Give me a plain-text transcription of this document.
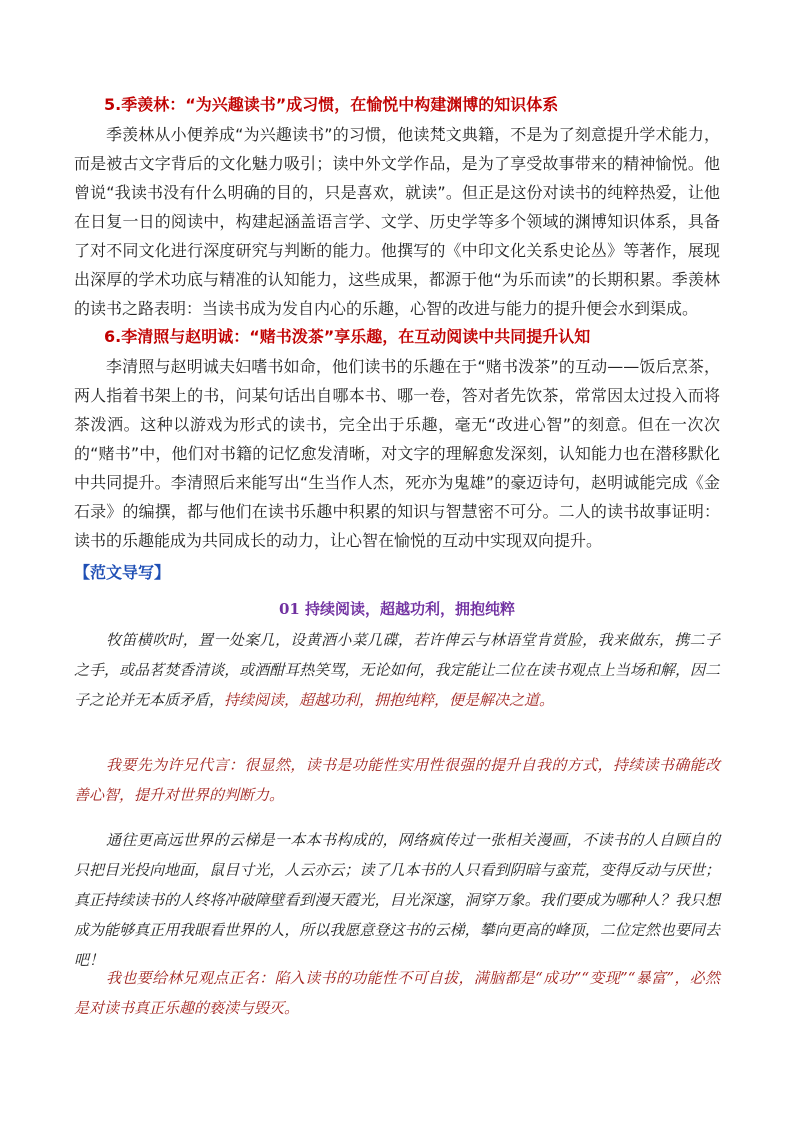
5.季羡林：“为兴趣读书”成习惯，在愉悦中构建渊博的知识体系

季羡林从小便养成“为兴趣读书”的习惯，他读梵文典籍，不是为了刻意提升学术能力，而是被古文字背后的文化魅力吸引；读中外文学作品，是为了享受故事带来的精神愉悦。他曾说“我读书没有什么明确的目的，只是喜欢，就读”。但正是这份对读书的纯粹热爱，让他在日复一日的阅读中，构建起涵盖语言学、文学、历史学等多个领域的渊博知识体系，具备了对不同文化进行深度研究与判断的能力。他撰写的《中印文化关系史论丛》等著作，展现出深厚的学术功底与精准的认知能力，这些成果，都源于他“为乐而读”的长期积累。季羡林的读书之路表明：当读书成为发自内心的乐趣，心智的改进与能力的提升便会水到渠成。

6.李清照与赵明诚：“赌书泼茶”享乐趣，在互动阅读中共同提升认知

李清照与赵明诚夫妇嗜书如命，他们读书的乐趣在于“赌书泼茶”的互动——饭后烹茶，两人指着书架上的书，问某句话出自哪本书、哪一卷，答对者先饮茶，常常因太过投入而将茶泼洒。这种以游戏为形式的读书，完全出于乐趣，毫无“改进心智”的刻意。但在一次次的“赌书”中，他们对书籍的记忆愈发清晰，对文字的理解愈发深刻，认知能力也在潜移默化中共同提升。李清照后来能写出“生当作人杰，死亦为鬼雄”的豪迈诗句，赵明诚能完成《金石录》的编撰，都与他们在读书乐趣中积累的知识与智慧密不可分。二人的读书故事证明：读书的乐趣能成为共同成长的动力，让心智在愉悦的互动中实现双向提升。

【范文导写】

01 持续阅读，超越功利，拥抱纯粹

牧笛横吹时，置一处案几，设黄酒小菜几碟，若许俾云与林语堂肯赏脸，我来做东，携二子之手，或品茗焚香清谈，或酒酣耳热笑骂，无论如何，我定能让二位在读书观点上当场和解，因二子之论并无本质矛盾，持续阅读，超越功利，拥抱纯粹，便是解决之道。

我要先为许兄代言：很显然，读书是功能性实用性很强的提升自我的方式，持续读书确能改善心智，提升对世界的判断力。

通往更高远世界的云梯是一本本书构成的，网络疯传过一张相关漫画，不读书的人自顾自的只把目光投向地面，鼠目寸光，人云亦云；读了几本书的人只看到阴暗与蛮荒，变得反动与厌世；真正持续读书的人终将冲破障壁看到漫天霞光，目光深邃，洞穿万象。我们要成为哪种人？我只想成为能够真正用我眼看世界的人，所以我愿意登这书的云梯，攀向更高的峰顶，二位定然也要同去吧！

我也要给林兄观点正名：陷入读书的功能性不可自拔，满脑都是“成功”“变现”“暴富”，必然是对读书真正乐趣的亵渎与毁灭。
